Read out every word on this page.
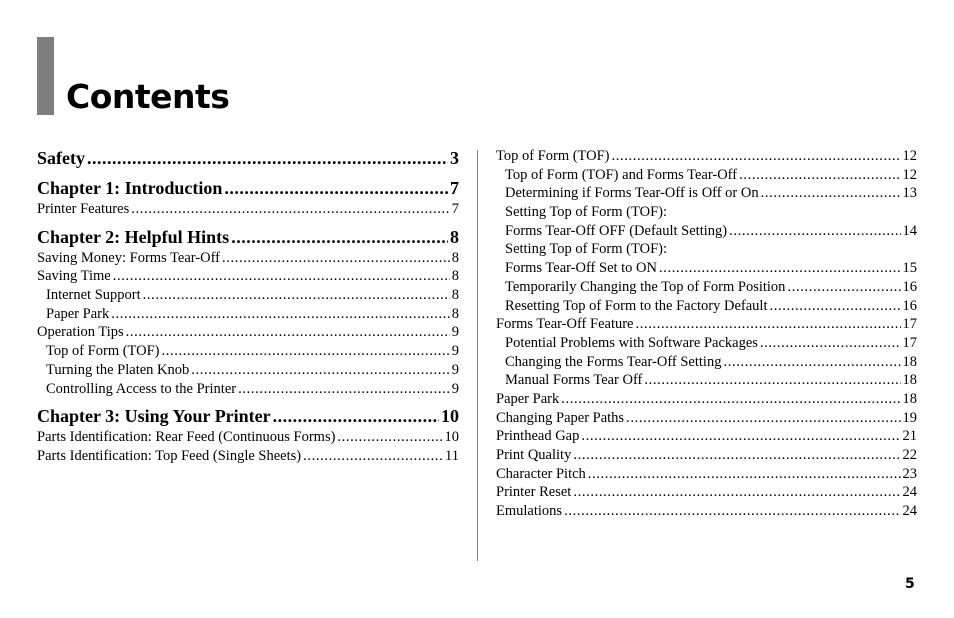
Contents
Safety . . .	3
Chapter 1: Introduction . . .	7
Printer Features . . .	7
Chapter 2: Helpful Hints . . .	8
Saving Money: Forms Tear-Off . . .	8
Saving Time . . .	8
Internet Support . . .	8
Paper Park . . .	8
Operation Tips . . .	9
Top of Form (TOF) . . .	9
Turning the Platen Knob . . .	9
Controlling Access to the Printer . . .	9
Chapter 3: Using Your Printer . . .	10
Parts Identification: Rear Feed (Continuous Forms) . . .	10
Parts Identification: Top Feed (Single Sheets) . . .	11
Top of Form (TOF) . . .	12
Top of Form (TOF) and Forms Tear-Off . . .	12
Determining if Forms Tear-Off is Off or On . . .	13
Setting Top of Form (TOF):
Forms Tear-Off OFF (Default Setting) . . .	14
Setting Top of Form (TOF):
Forms Tear-Off Set to ON . . .	15
Temporarily Changing the Top of Form Position . . .	16
Resetting Top of Form to the Factory Default . . .	16
Forms Tear-Off Feature . . .	17
Potential Problems with Software Packages . . .	17
Changing the Forms Tear-Off Setting . . .	18
Manual Forms Tear Off . . .	18
Paper Park . . .	18
Changing Paper Paths . . .	19
Printhead Gap . . .	21
Print Quality . . .	22
Character Pitch . . .	23
Printer Reset . . .	24
Emulations . . .	24
5
